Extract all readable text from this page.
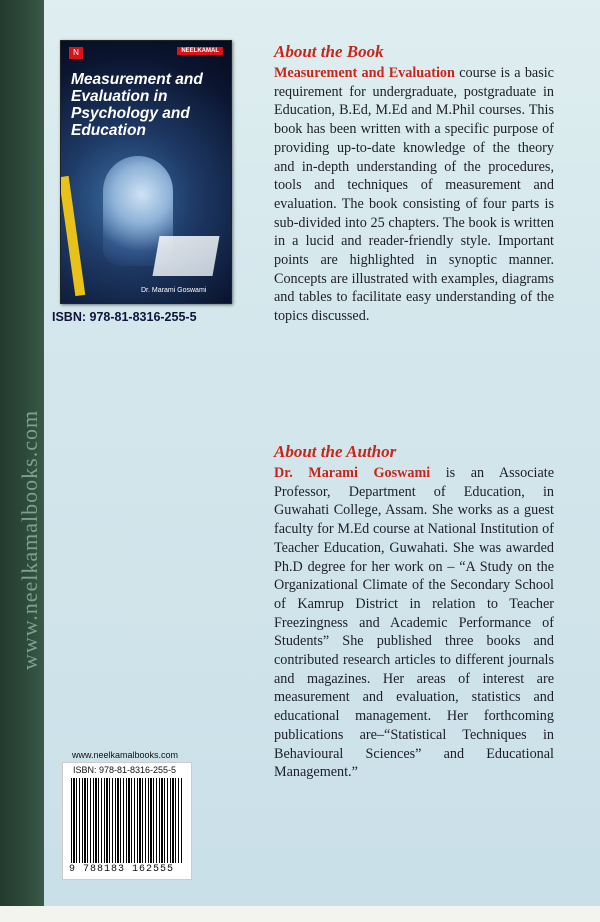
www.neelkamalbooks.com
N	NEELKAMAL
Measurement and Evaluation in Psychology and Education
Dr. Marami Goswami
ISBN: 978-81-8316-255-5
About the Book

Measurement and Evaluation course is a basic requirement for undergraduate, postgraduate in Education, B.Ed, M.Ed and M.Phil courses. This book has been written with a specific purpose of providing up-to-date knowledge of the theory and in-depth understanding of the procedures, tools and techniques of measurement and evaluation. The book consisting of four parts is sub-divided into 25 chapters. The book is written in a lucid and reader-friendly style. Important points are highlighted in synoptic manner. Concepts are illustrated with examples, diagrams and tables to facilitate easy understanding of the topics discussed.

About the Author

Dr. Marami Goswami is an Associate Professor, Department of Education, in Guwahati College, Assam. She works as a guest faculty for M.Ed course at National Institution of Teacher Education, Guwahati. She was awarded Ph.D degree for her work on – “A Study on the Organizational Climate of the Secondary School of Kamrup District in relation to Teacher Freezingness and Academic Performance of Students” She published three books and contributed research articles to different journals and magazines. Her areas of interest are measurement and evaluation, statistics and educational management. Her forthcoming publications are–“Statistical Techniques in Behavioural Sciences” and Educational Management.”

www.neelkamalbooks.com
ISBN: 978-81-8316-255-5
9 788183 162555
